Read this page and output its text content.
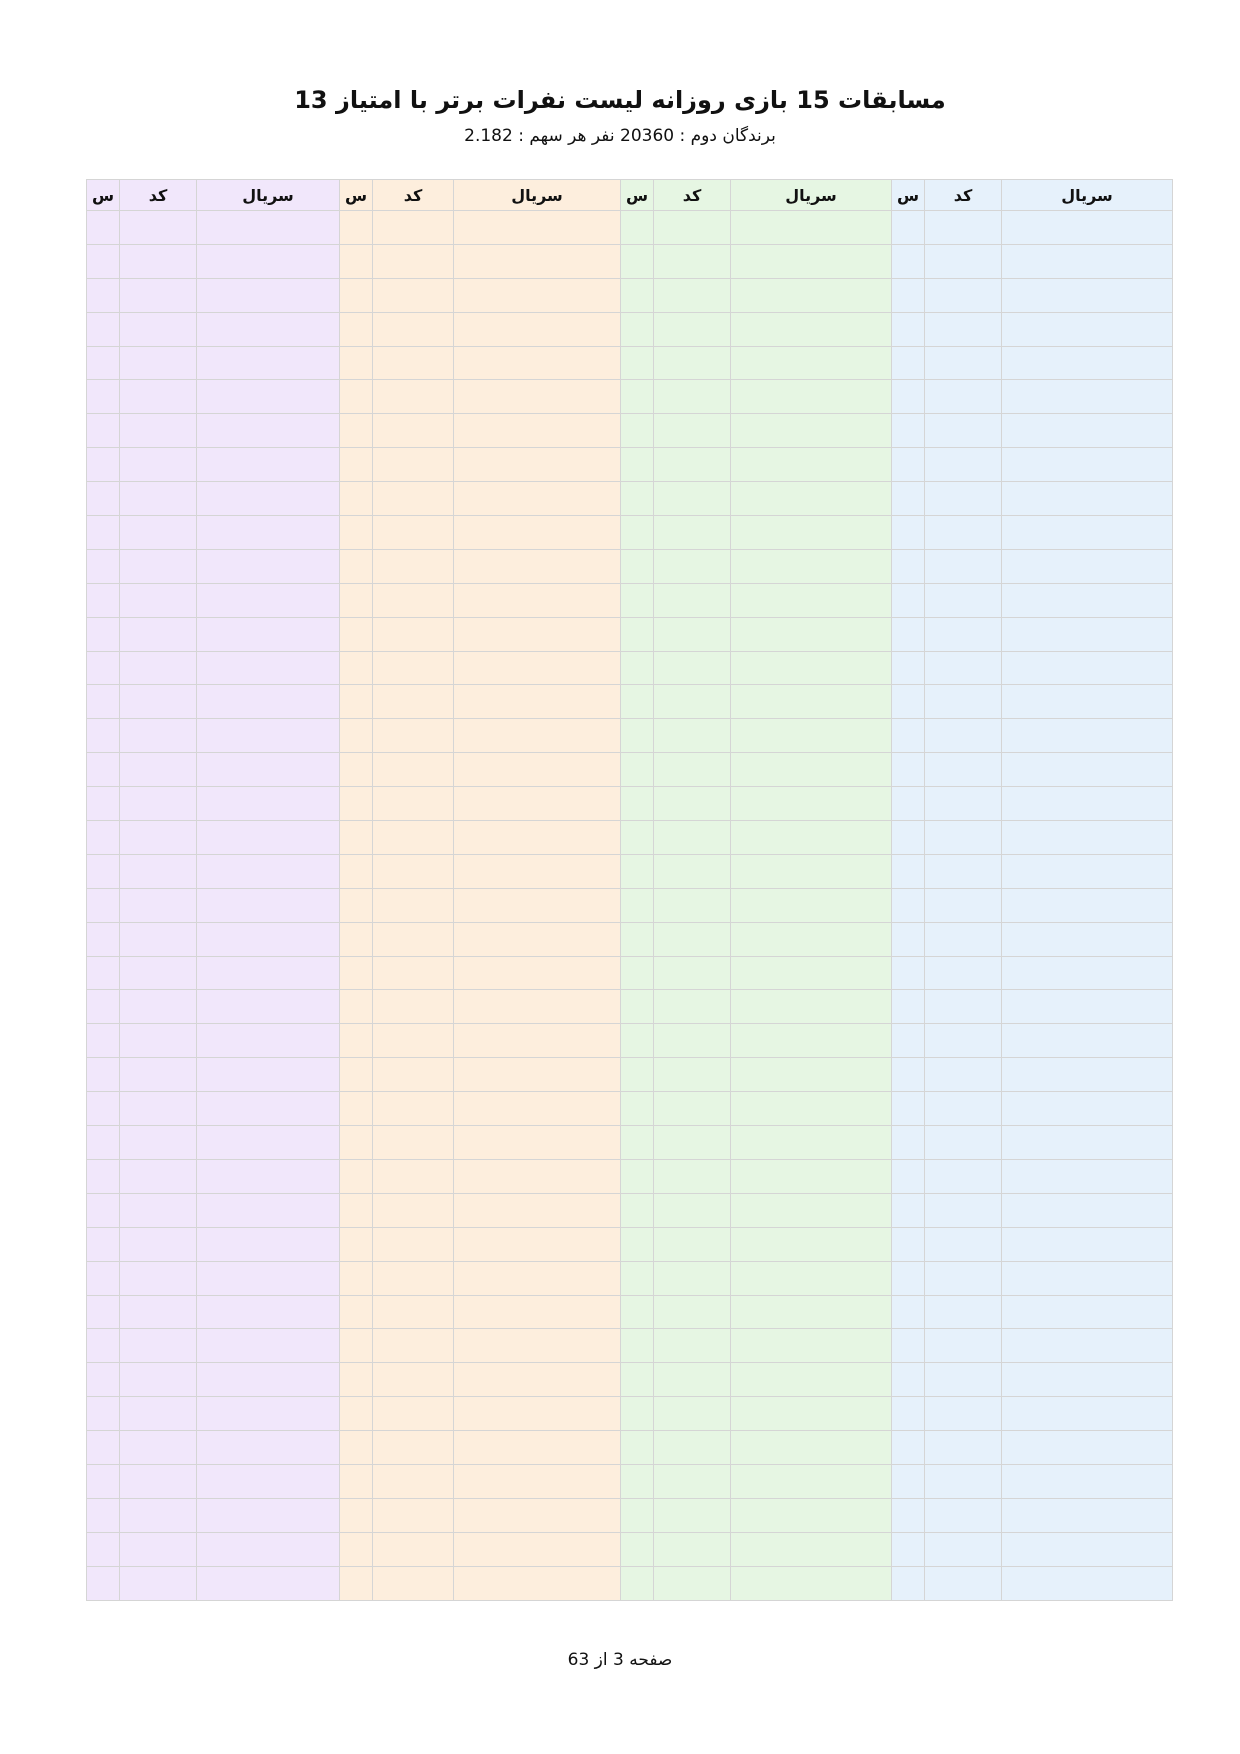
مسابقات 15 بازی روزانه لیست نفرات برتر با امتیاز 13
برندگان دوم : 20360 نفر هر سهم : 2.182
سریال	کد	س	سریال	کد	س	سریال	کد	س	سریال	کد	س

صفحه 3 از 63
